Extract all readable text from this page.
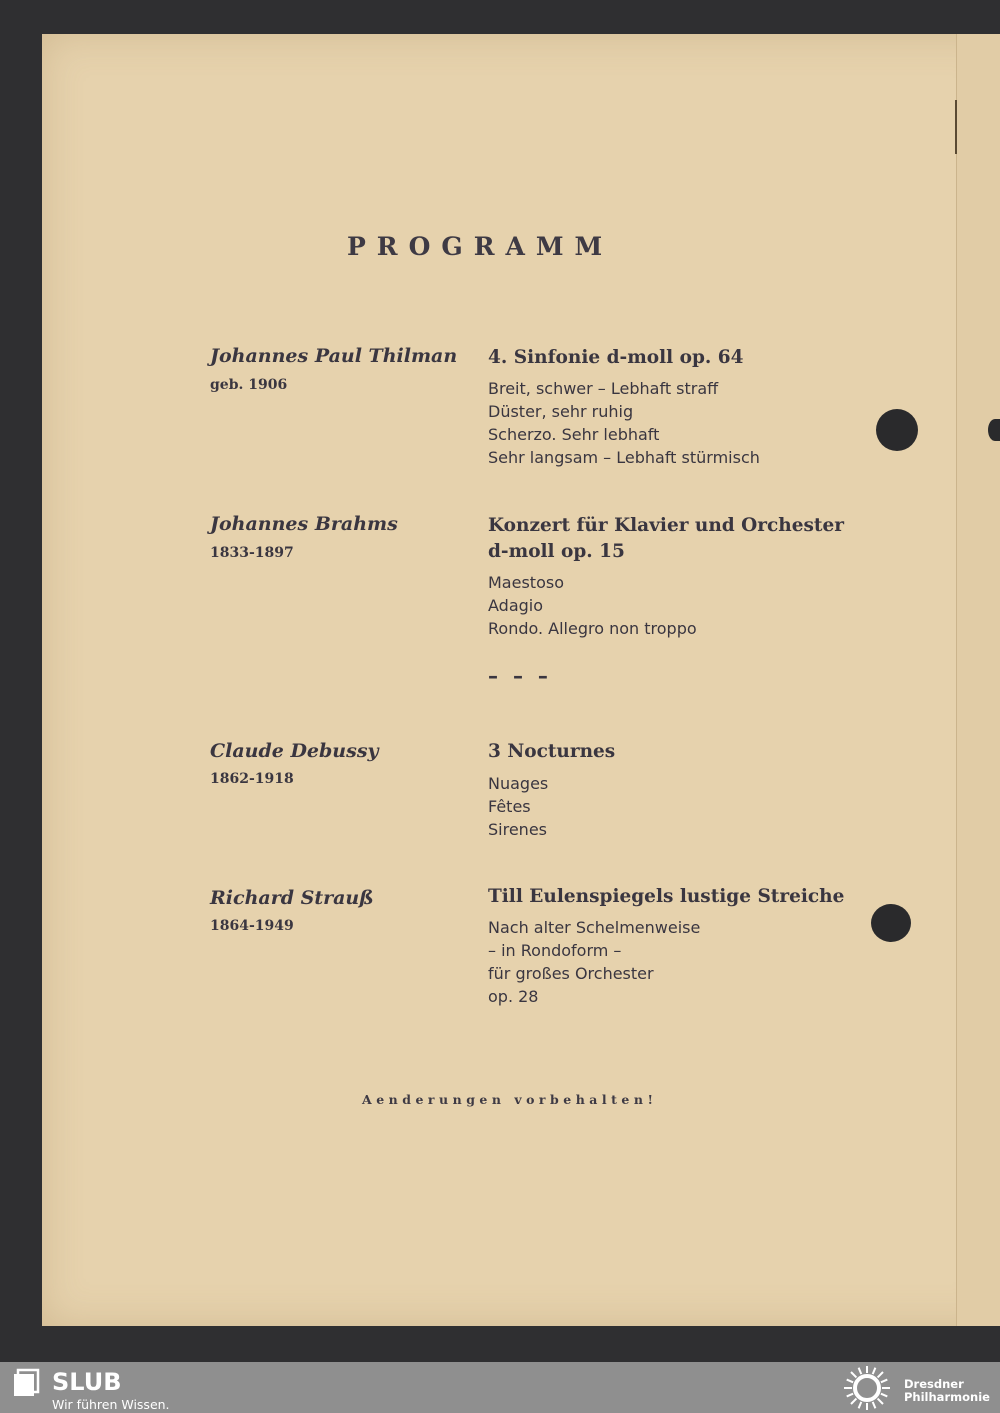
PROGRAMM
Johannes Paul Thilman
geb. 1906
4. Sinfonie d-moll op. 64
Breit, schwer – Lebhaft straff
Düster, sehr ruhig
Scherzo. Sehr lebhaft
Sehr langsam – Lebhaft stürmisch
Johannes Brahms
1833-1897
Konzert für Klavier und Orchester
d-moll op. 15
Maestoso
Adagio
Rondo. Allegro non troppo
– – –
Claude Debussy
1862-1918
3 Nocturnes
Nuages
Fêtes
Sirenes
Richard Strauß
1864-1949
Till Eulenspiegels lustige Streiche
Nach alter Schelmenweise
– in Rondoform –
für großes Orchester
op. 28
Aenderungen vorbehalten!
SLUB
Wir führen Wissen.
Dresdner
Philharmonie
